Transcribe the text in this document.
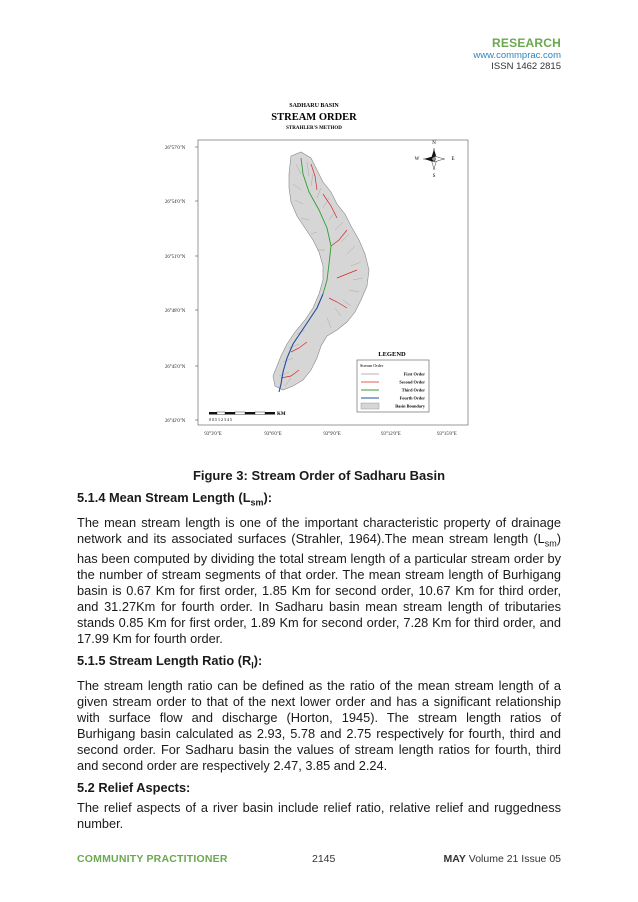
RESEARCH
www.commprac.com
ISSN 1462 2815
SADHARU BASIN
STREAM ORDER
STRAHLER'S METHOD
26°57'0"N
26°54'0"N
26°51'0"N
26°48'0"N
26°45'0"N
26°42'0"N
93°3'0"E	93°6'0"E	93°9'0"E	93°12'0"E	93°15'0"E
N
S
E
W
LEGEND
Stream Order
First Order
Second Order
Third Order
Fourth Order
Basin Boundary
0 0.5 1 2 3 4 5
KM
Figure 3: Stream Order of Sadharu Basin
5.1.4 Mean Stream Length $(L_{sm})$:

The mean stream length is one of the important characteristic property of drainage network and its associated surfaces (Strahler, 1964).The mean stream length $(L_{sm})$ has been computed by dividing the total stream length of a particular stream order by the number of stream segments of that order. The mean stream length of Burhigang basin is 0.67 Km for first order, 1.85 Km for second order, 10.67 Km for third order, and 31.27Km for fourth order. In Sadharu basin mean stream length of tributaries stands 0.85 Km for first order, 1.89 Km for second order, 7.28 Km for third order, and 17.99 Km for fourth order.

5.1.5 Stream Length Ratio $(R_l)$:

The stream length ratio can be defined as the ratio of the mean stream length of a given stream order to that of the next lower order and has a significant relationship with surface flow and discharge (Horton, 1945). The stream length ratios of Burhigang basin calculated as 2.93, 5.78 and 2.75 respectively for fourth, third and second order. For Sadharu basin the values of stream length ratios for fourth, third and second order are respectively 2.47, 3.85 and 2.24.

5.2 Relief Aspects:

The relief aspects of a river basin include relief ratio, relative relief and ruggedness number.

COMMUNITY PRACTITIONER	2145	MAY Volume 21 Issue 05
